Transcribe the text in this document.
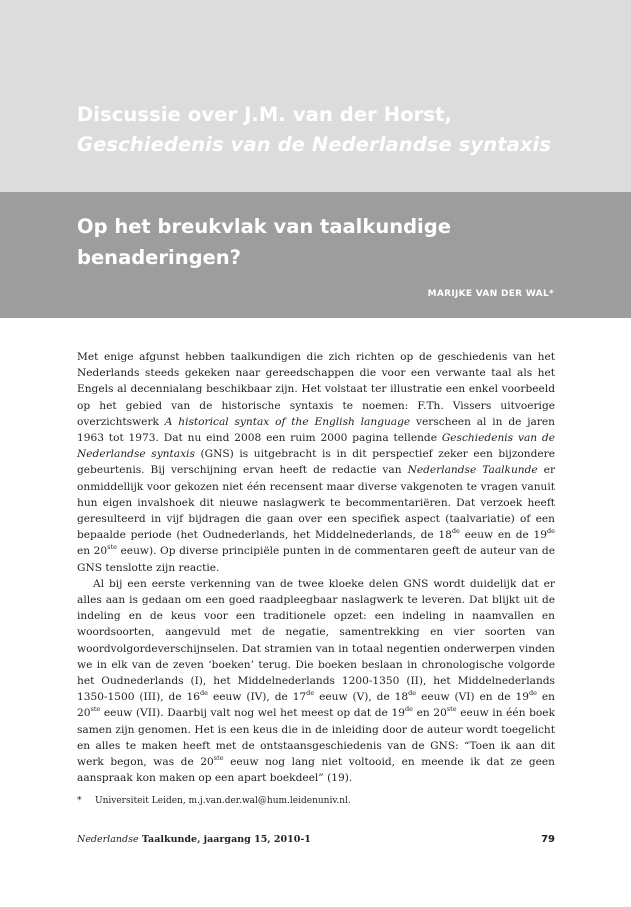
Discussie over J.M. van der Horst,
Geschiedenis van de Nederlandse syntaxis
Op het breukvlak van taalkundige benaderingen?
MARIJKE VAN DER WAL*

Met enige afgunst hebben taalkundigen die zich richten op de geschiedenis van het Nederlands steeds gekeken naar gereedschappen die voor een verwante taal als het Engels al decennialang beschikbaar zijn. Het volstaat ter illustratie een enkel voorbeeld op het gebied van de historische syntaxis te noemen: F.Th. Vissers uitvoerige overzichtswerk A historical syntax of the English language verscheen al in de jaren 1963 tot 1973. Dat nu eind 2008 een ruim 2000 pagina tellende Geschiedenis van de Nederlandse syntaxis (GNS) is uitgebracht is in dit perspectief zeker een bijzondere gebeurtenis. Bij verschijning ervan heeft de redactie van Nederlandse Taalkunde er onmiddellijk voor gekozen niet één recensent maar diverse vakgenoten te vragen vanuit hun eigen invalshoek dit nieuwe naslagwerk te becommentariëren. Dat verzoek heeft geresulteerd in vijf bijdragen die gaan over een specifiek aspect (taalvariatie) of een bepaalde periode (het Oudnederlands, het Middelnederlands, de 18de eeuw en de 19de en 20ste eeuw). Op diverse principiële punten in de commentaren geeft de auteur van de GNS tenslotte zijn reactie.

Al bij een eerste verkenning van de twee kloeke delen GNS wordt duidelijk dat er alles aan is gedaan om een goed raadpleegbaar naslagwerk te leveren. Dat blijkt uit de indeling en de keus voor een traditionele opzet: een indeling in naamvallen en woordsoorten, aangevuld met de negatie, samentrekking en vier soorten van woordvolgordeverschijnselen. Dat stramien van in totaal negentien onderwerpen vinden we in elk van de zeven ‘boeken’ terug. Die boeken beslaan in chronologische volgorde het Oudnederlands (I), het Middelnederlands 1200-1350 (II), het Middelnederlands 1350-1500 (III), de 16de eeuw (IV), de 17de eeuw (V), de 18de eeuw (VI) en de 19de en 20ste eeuw (VII). Daarbij valt nog wel het meest op dat de 19de en 20ste eeuw in één boek samen zijn genomen. Het is een keus die in de inleiding door de auteur wordt toegelicht en alles te maken heeft met de ontstaansgeschiedenis van de GNS: “Toen ik aan dit werk begon, was de 20ste eeuw nog lang niet voltooid, en meende ik dat ze geen aanspraak kon maken op een apart boekdeel” (19).

* Universiteit Leiden, m.j.van.der.wal@hum.leidenuniv.nl.
Nederlandse Taalkunde, jaargang 15, 2010-1	79
